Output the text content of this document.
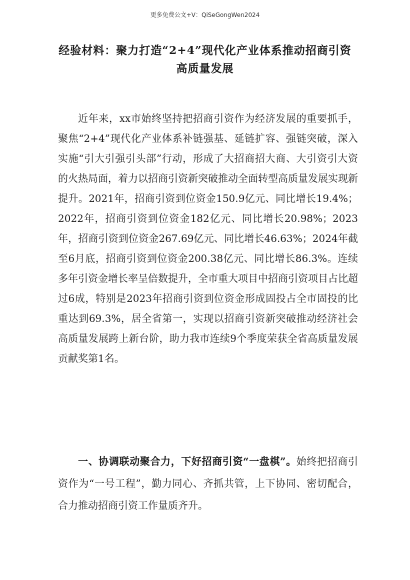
更多免费公文+V：QiSeGongWen2024
经验材料：聚力打造“2+4”现代化产业体系推动招商引资
高质量发展

近年来，xx市始终坚持把招商引资作为经济发展的重要抓手，聚焦“2+4”现代化产业体系补链强基、延链扩容、强链突破，深入实施“引大引强引头部”行动，形成了大招商招大商、大引资引大资的火热局面，着力以招商引资新突破推动全面转型高质量发展实现新提升。2021年，招商引资到位资金150.9亿元、同比增长19.4%；2022年，招商引资到位资金182亿元、同比增长20.98%；2023年，招商引资到位资金267.69亿元、同比增长46.63%；2024年截至6月底，招商引资到位资金200.38亿元、同比增长86.3%。连续多年引资金增长率呈倍数提升，全市重大项目中招商引资项目占比超过6成，特别是2023年招商引资到位资金形成固投占全市固投的比重达到69.3%，居全省第一，实现以招商引资新突破推动经济社会高质量发展跨上新台阶，助力我市连续9个季度荣获全省高质量发展贡献奖第1名。

一、协调联动聚合力，下好招商引资“一盘棋”。始终把招商引资作为“一号工程”，勤力同心、齐抓共管，上下协同、密切配合，合力推动招商引资工作量质齐升。
